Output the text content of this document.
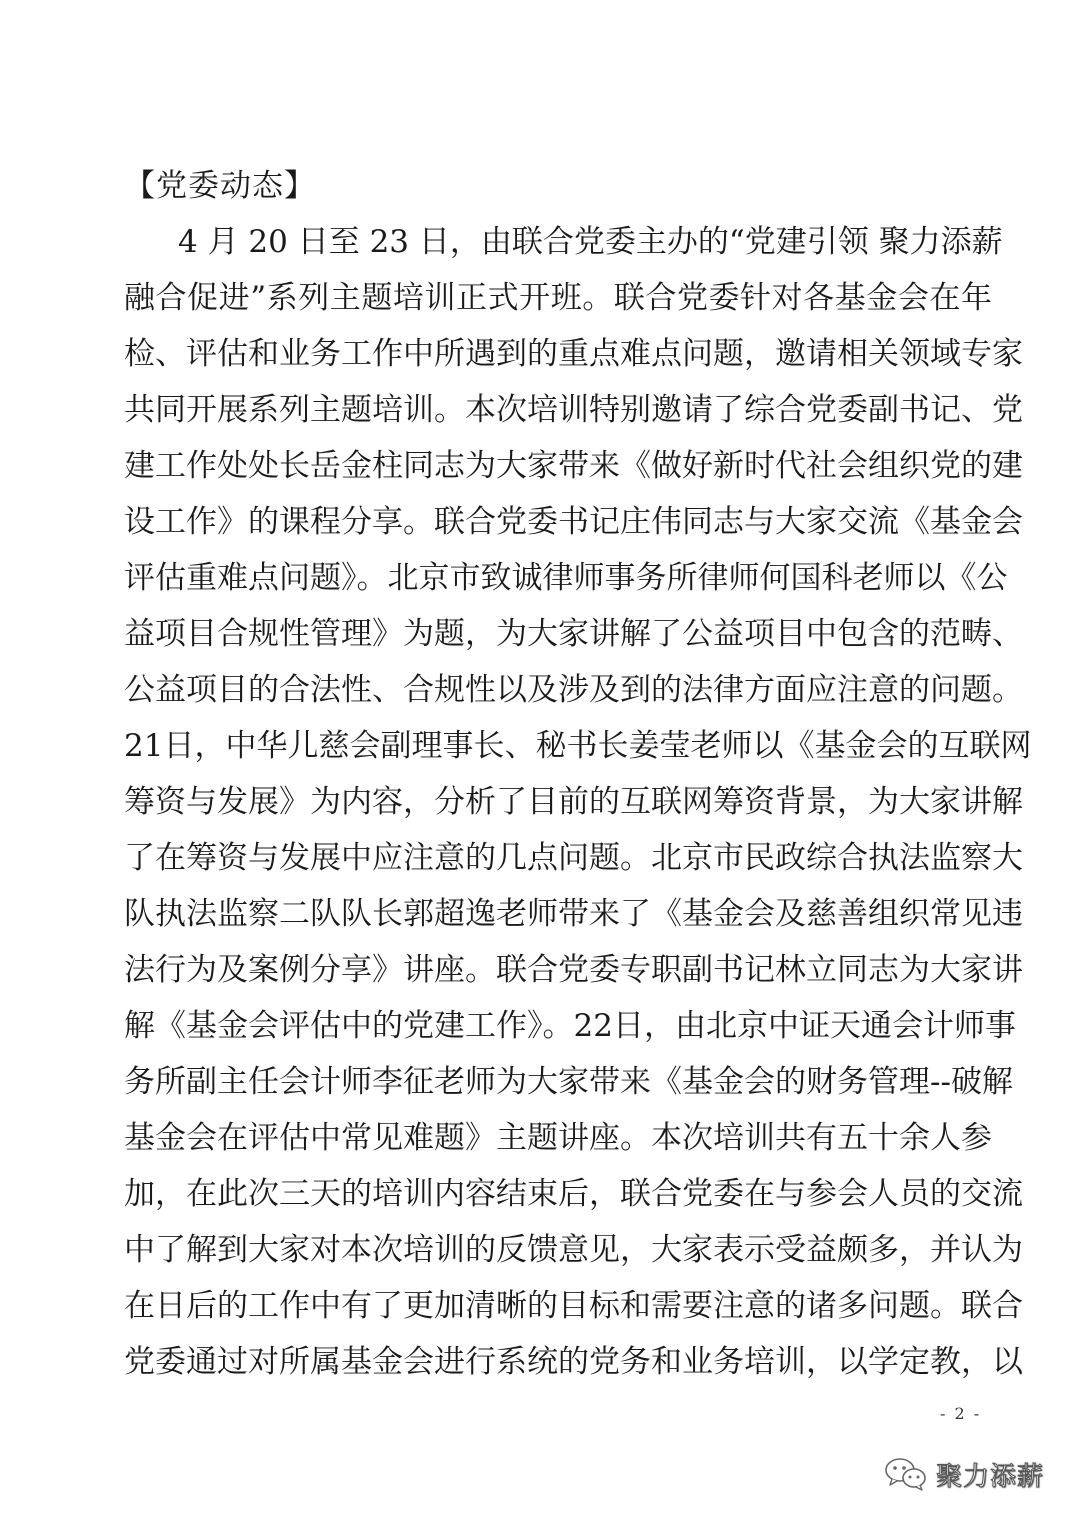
【党委动态】
4 月 20 日至 23 日，由联合党委主办的“党建引领 聚力添薪
融合促进”系列主题培训正式开班。联合党委针对各基金会在年
检、评估和业务工作中所遇到的重点难点问题，邀请相关领域专家
共同开展系列主题培训。本次培训特别邀请了综合党委副书记、党
建工作处处长岳金柱同志为大家带来《做好新时代社会组织党的建
设工作》的课程分享。联合党委书记庄伟同志与大家交流《基金会
评估重难点问题》。北京市致诚律师事务所律师何国科老师以《公
益项目合规性管理》为题，为大家讲解了公益项目中包含的范畴、
公益项目的合法性、合规性以及涉及到的法律方面应注意的问题。
21日，中华儿慈会副理事长、秘书长姜莹老师以《基金会的互联网
筹资与发展》为内容，分析了目前的互联网筹资背景，为大家讲解
了在筹资与发展中应注意的几点问题。北京市民政综合执法监察大
队执法监察二队队长郭超逸老师带来了《基金会及慈善组织常见违
法行为及案例分享》讲座。联合党委专职副书记林立同志为大家讲
解《基金会评估中的党建工作》。22日，由北京中证天通会计师事
务所副主任会计师李征老师为大家带来《基金会的财务管理--破解
基金会在评估中常见难题》主题讲座。本次培训共有五十余人参
加，在此次三天的培训内容结束后，联合党委在与参会人员的交流
中了解到大家对本次培训的反馈意见，大家表示受益颇多，并认为
在日后的工作中有了更加清晰的目标和需要注意的诸多问题。联合
党委通过对所属基金会进行系统的党务和业务培训，以学定教，以
- 2 -
聚力添薪
